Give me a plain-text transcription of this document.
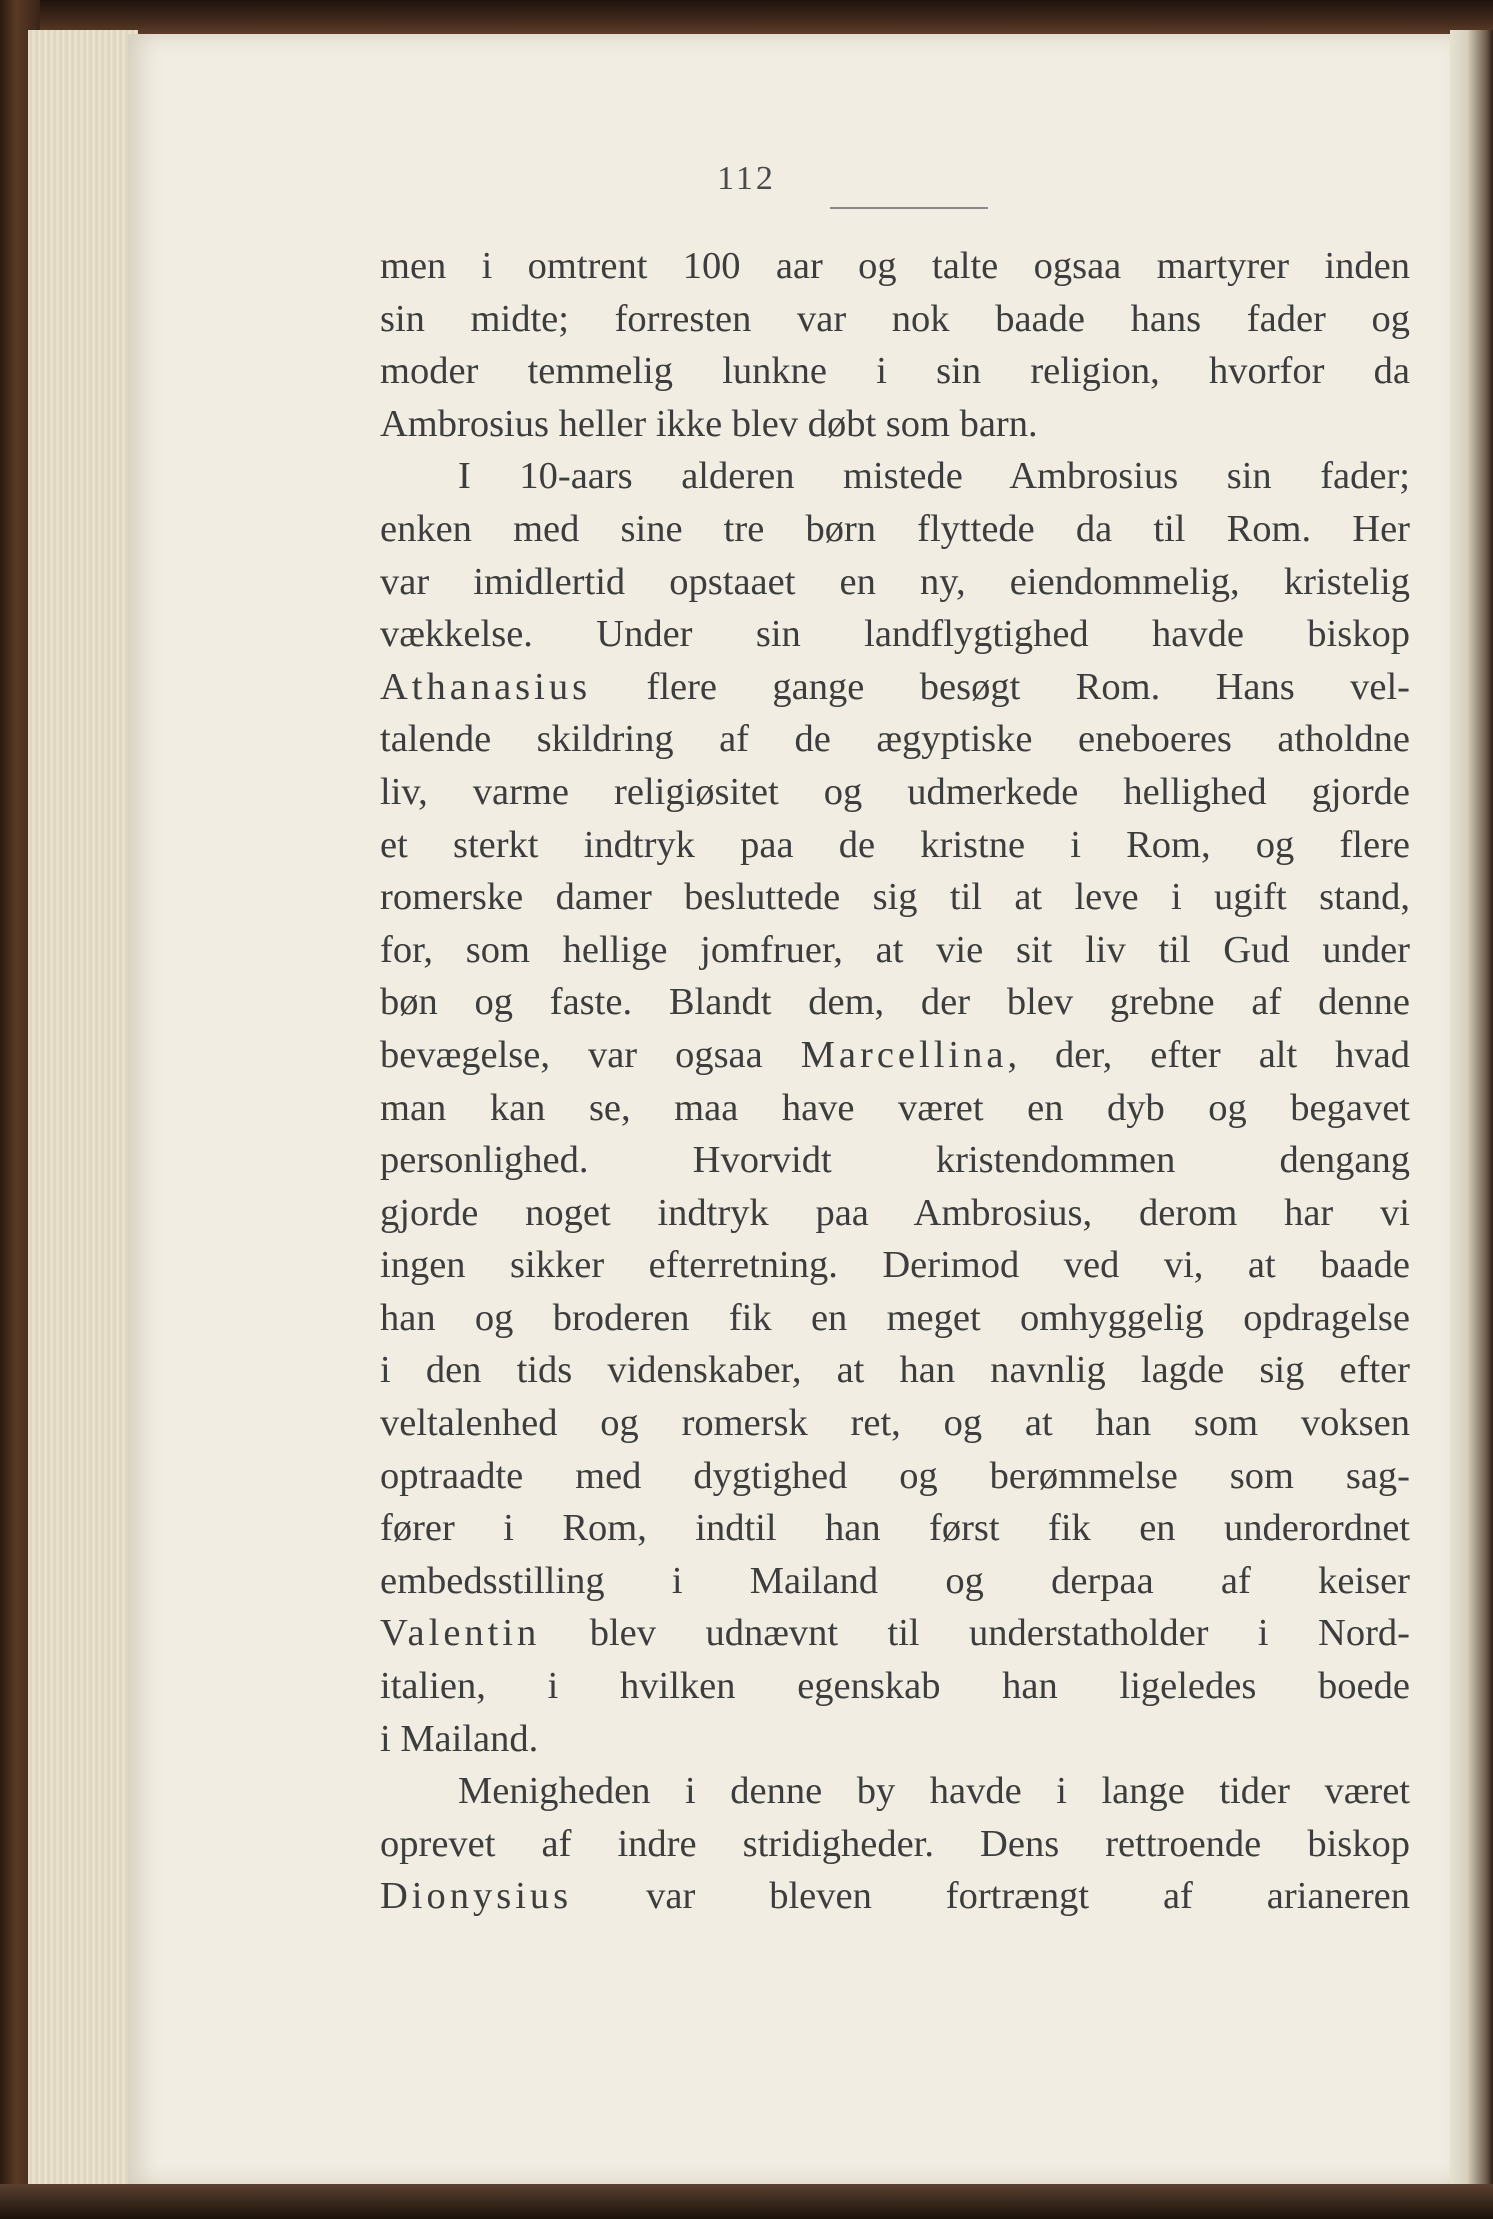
112
men i omtrent 100 aar og talte ogsaa martyrer inden
sin midte; forresten var nok baade hans fader og
moder temmelig lunkne i sin religion, hvorfor da
Ambrosius heller ikke blev døbt som barn.
I 10-aars alderen mistede Ambrosius sin fader;
enken med sine tre børn flyttede da til Rom. Her
var imidlertid opstaaet en ny, eiendommelig, kristelig
vækkelse. Under sin landflygtighed havde biskop
Athanasius flere gange besøgt Rom. Hans vel-
talende skildring af de ægyptiske eneboeres atholdne
liv, varme religiøsitet og udmerkede hellighed gjorde
et sterkt indtryk paa de kristne i Rom, og flere
romerske damer besluttede sig til at leve i ugift stand,
for, som hellige jomfruer, at vie sit liv til Gud under
bøn og faste. Blandt dem, der blev grebne af denne
bevægelse, var ogsaa Marcellina, der, efter alt hvad
man kan se, maa have været en dyb og begavet
personlighed. Hvorvidt kristendommen dengang
gjorde noget indtryk paa Ambrosius, derom har vi
ingen sikker efterretning. Derimod ved vi, at baade
han og broderen fik en meget omhyggelig opdragelse
i den tids videnskaber, at han navnlig lagde sig efter
veltalenhed og romersk ret, og at han som voksen
optraadte med dygtighed og berømmelse som sag-
fører i Rom, indtil han først fik en underordnet
embedsstilling i Mailand og derpaa af keiser
Valentin blev udnævnt til understatholder i Nord-
italien, i hvilken egenskab han ligeledes boede
i Mailand.
Menigheden i denne by havde i lange tider været
oprevet af indre stridigheder. Dens rettroende biskop
Dionysius var bleven fortrængt af arianeren
